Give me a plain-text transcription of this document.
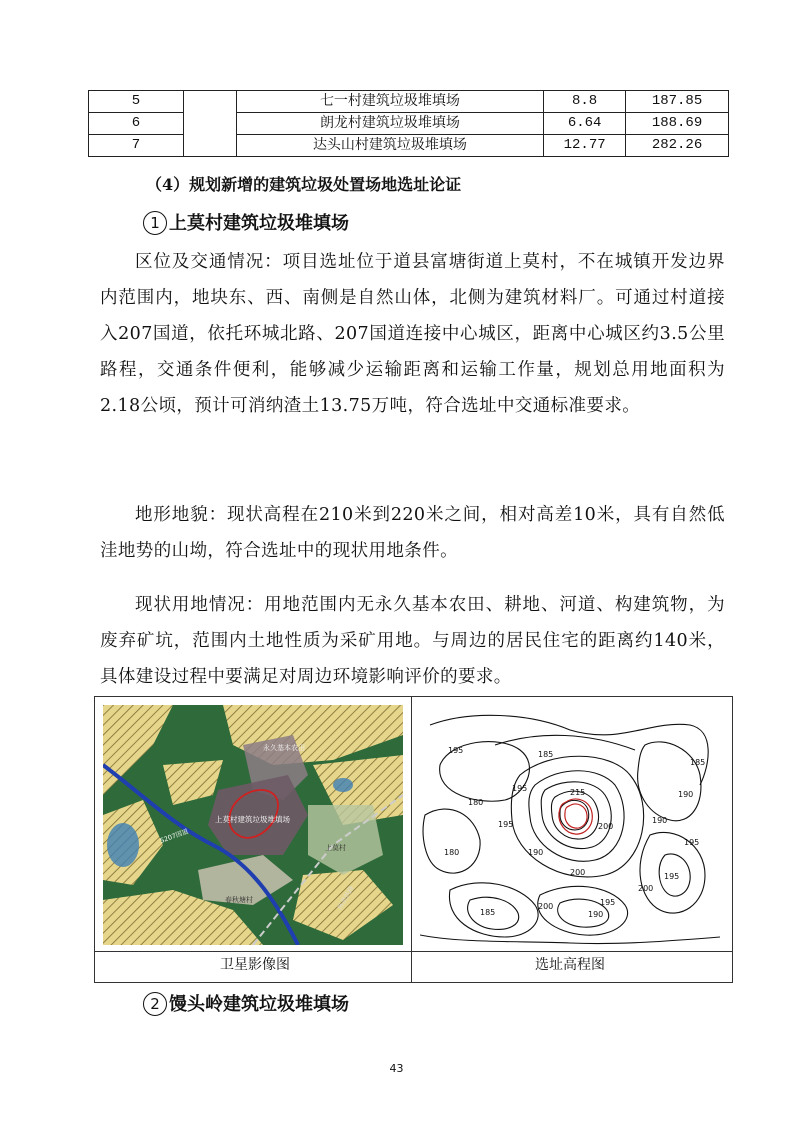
5		七一村建筑垃圾堆填场	8.8	187.85
6		朗龙村建筑垃圾堆填场	6.64	188.69
7		达头山村建筑垃圾堆填场	12.77	282.26
（4）规划新增的建筑垃圾处置场地选址论证
1 上莫村建筑垃圾堆填场
区位及交通情况：项目选址位于道县富塘街道上莫村，不在城镇开发边界内范围内，地块东、西、南侧是自然山体，北侧为建筑材料厂。可通过村道接入207国道，依托环城北路、207国道连接中心城区，距离中心城区约3.5公里路程，交通条件便利，能够减少运输距离和运输工作量，规划总用地面积为2.18公顷，预计可消纳渣土13.75万吨，符合选址中交通标准要求。
地形地貌：现状高程在210米到220米之间，相对高差10米，具有自然低洼地势的山坳，符合选址中的现状用地条件。
现状用地情况：用地范围内无永久基本农田、耕地、河道、构建筑物，为废弃矿坑，范围内土地性质为采矿用地。与周边的居民住宅的距离约140米，具体建设过程中要满足对周边环境影响评价的要求。
永久基本农田
上莫村建筑垃圾堆填场
上莫村
春秋塘村
S207国道
洛湛铁路
195	185
195
180
195
215
200
190
180
200
200	195
190
200
190
190
195
195
185
185
卫星影像图	选址高程图
2 馒头岭建筑垃圾堆填场
43
